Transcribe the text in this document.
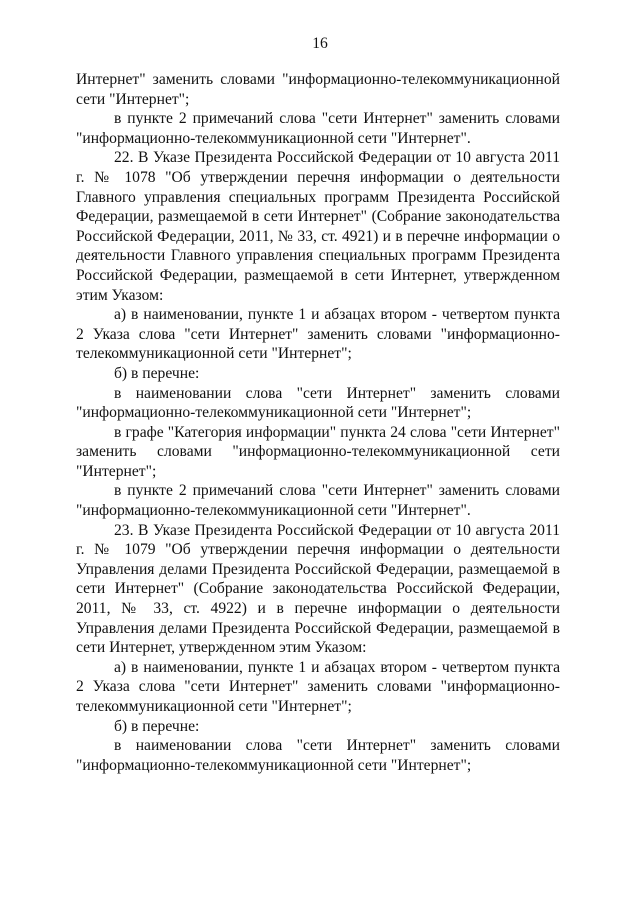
16

Интернет" заменить словами "информационно-телекоммуникационной сети "Интернет";

в пункте 2 примечаний слова "сети Интернет" заменить словами "информационно-телекоммуникационной сети "Интернет".

22. В Указе Президента Российской Федерации от 10 августа 2011 г. № 1078 "Об утверждении перечня информации о деятельности Главного управления специальных программ Президента Российской Федерации, размещаемой в сети Интернет" (Собрание законодательства Российской Федерации, 2011, № 33, ст. 4921) и в перечне информации о деятельности Главного управления специальных программ Президента Российской Федерации, размещаемой в сети Интернет, утвержденном этим Указом:

а) в наименовании, пункте 1 и абзацах втором - четвертом пункта 2 Указа слова "сети Интернет" заменить словами "информационно-телекоммуникационной сети "Интернет";

б) в перечне:

в наименовании слова "сети Интернет" заменить словами "информационно-телекоммуникационной сети "Интернет";

в графе "Категория информации" пункта 24 слова "сети Интернет" заменить словами "информационно-телекоммуникационной сети "Интернет";

в пункте 2 примечаний слова "сети Интернет" заменить словами "информационно-телекоммуникационной сети "Интернет".

23. В Указе Президента Российской Федерации от 10 августа 2011 г. № 1079 "Об утверждении перечня информации о деятельности Управления делами Президента Российской Федерации, размещаемой в сети Интернет" (Собрание законодательства Российской Федерации, 2011, № 33, ст. 4922) и в перечне информации о деятельности Управления делами Президента Российской Федерации, размещаемой в сети Интернет, утвержденном этим Указом:

а) в наименовании, пункте 1 и абзацах втором - четвертом пункта 2 Указа слова "сети Интернет" заменить словами "информационно-телекоммуникационной сети "Интернет";

б) в перечне:

в наименовании слова "сети Интернет" заменить словами "информационно-телекоммуникационной сети "Интернет";
